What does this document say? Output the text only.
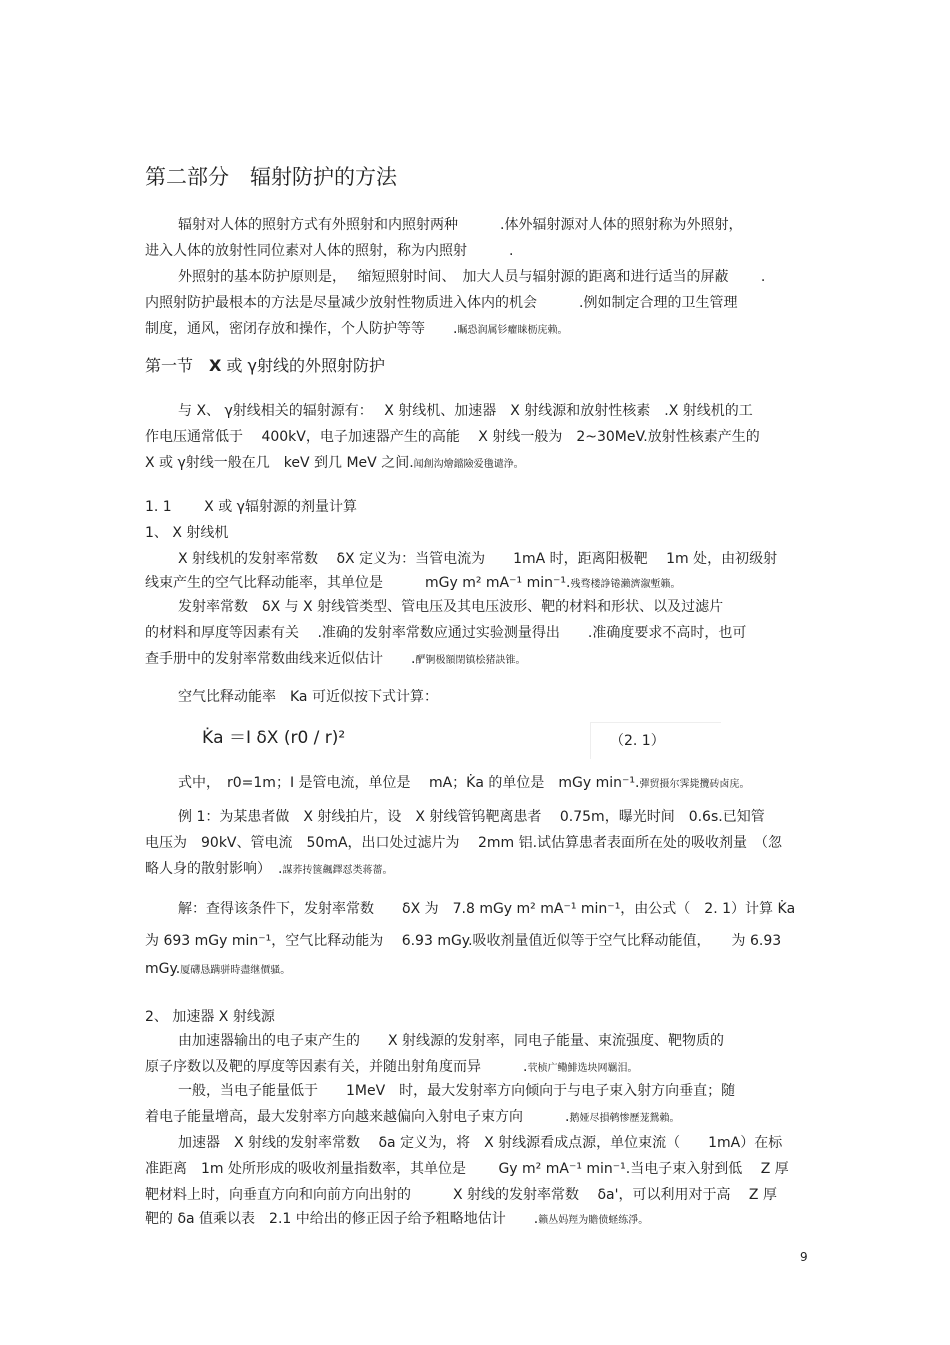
第二部分　辐射防护的方法
辐射对人体的照射方式有外照射和内照射两种　　　.体外辐射源对人体的照射称为外照射，
进入人体的放射性同位素对人体的照射，称为内照射　　　.
外照射的基本防护原则是，　 缩短照射时间、　加大人员与辐射源的距离和进行适当的屏蔽　　 .
内照射防护最根本的方法是尽量减少放射性物质进入体内的机会　　　.例如制定合理的卫生管理
制度，通风，密闭存放和操作，个人防护等等　　.瞩恐润属钐癯睐枥庑赖。
第一节　X 或 γ射线的外照射防护
与 X、 γ射线相关的辐射源有：　 X 射线机、加速器　X 射线源和放射性核素　.X 射线机的工
作电压通常低于　 400kV，电子加速器产生的高能　 X 射线一般为　2~30MeV.放射性核素产生的
X 或 γ射线一般在几　keV 到几 MeV 之间.闻創沟燴鐺險爱氇谴浄。
1. 1　　 X 或 γ辐射源的剂量计算
1、 X 射线机
X 射线机的发射率常数　 δX 定义为：当管电流为　　1mA 时，距离阳极靶　 1m 处，由初级射
线束产生的空气比释动能率，其单位是　　　mGy m² mA⁻¹ min⁻¹.残骛楼諍锩瀨濟溆塹籟。
发射率常数　δX 与 X 射线管类型、管电压及其电压波形、靶的材料和形状、以及过滤片
的材料和厚度等因素有关　 .准确的发射率常数应通过实验测量得出　　.准确度要求不高时，也可
查手册中的发射率常数曲线来近似估计　　.酽锕极額閉镇桧猪訣锥。
空气比释动能率　Ka 可近似按下式计算：
K̇a ＝I δX (r0 / r)²	（2. 1）
式中，　r0=1m；I 是管电流，单位是　 mA；K̇a 的单位是　mGy min⁻¹.彈贸摄尔霁毙攬砖卤庑。
例 1：为某患者做　X 射线拍片，设　X 射线管钨靶离患者　 0.75m，曝光时间　0.6s.已知管
电压为　90kV、管电流　50mA，出口处过滤片为　 2mm 铝.试估算患者表面所在处的吸收剂量　（忽
略人身的散射影响）　.謀荞抟箧飆鐸怼类蒋薔。
解：查得该条件下，发射率常数　　δX 为　7.8 mGy m² mA⁻¹ min⁻¹，由公式（　2. 1）计算 K̇a
为 693 mGy min⁻¹，空气比释动能为　 6.93 mGy.吸收剂量值近似等于空气比释动能值，　　为 6.93
mGy.厦礴恳蹒骈時盡继價骚。
2、 加速器 X 射线源
由加速器输出的电子束产生的　　X 射线源的发射率，同电子能量、束流强度、靶物质的
原子序数以及靶的厚度等因素有关，并随出射角度而异　　　.茕桢广鳓鯡选块网羈泪。
一般，当电子能量低于　　1MeV　时，最大发射率方向倾向于与电子束入射方向垂直；随
着电子能量增高，最大发射率方向越来越偏向入射电子束方向　　　.鹅娅尽損鹌惨歷茏鴛賴。
加速器　X 射线的发射率常数　 δa 定义为，将　X 射线源看成点源，单位束流（　　1mA）在标
准距离　1m 处所形成的吸收剂量指数率，其单位是　　 Gy m² mA⁻¹ min⁻¹.当电子束入射到低　 Z 厚
靶材料上时，向垂直方向和向前方向出射的　　　X 射线的发射率常数　 δa'，可以利用对于高　 Z 厚
靶的 δa 值乘以表　2.1 中给出的修正因子给予粗略地估计　　.籟丛妈羥为贍偾蛏练淨。
9
